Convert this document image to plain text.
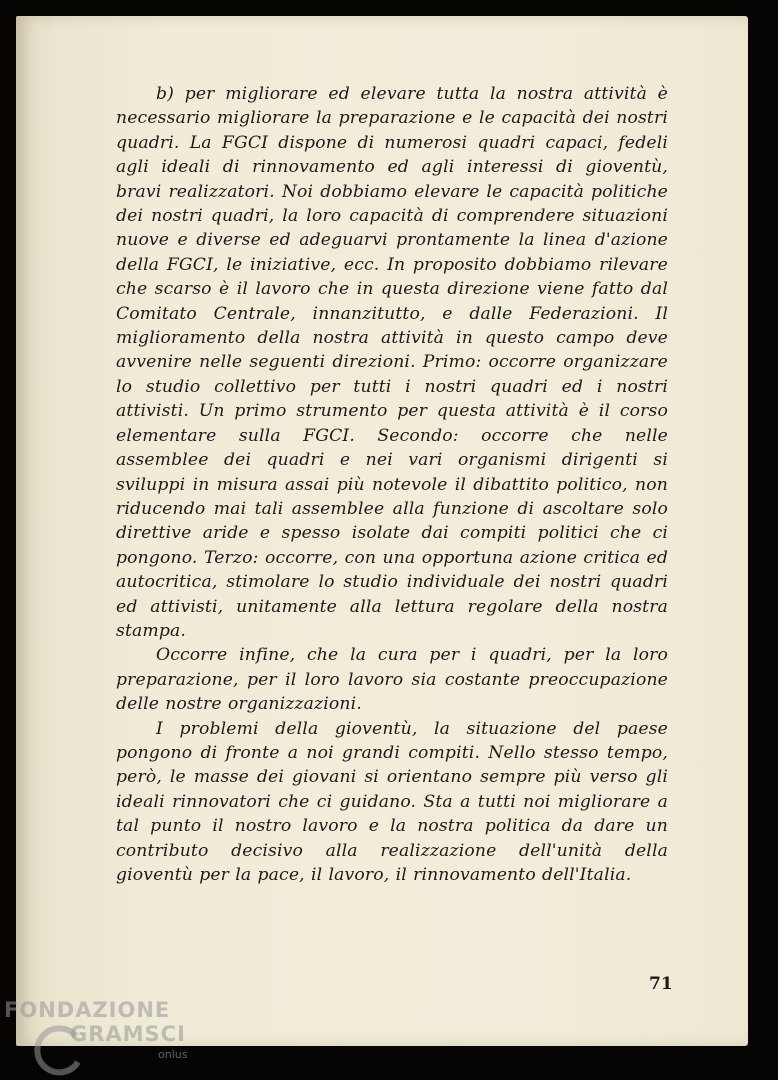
b) per migliorare ed elevare tutta la nostra attività è necessario migliorare la preparazione e le capacità dei nostri quadri. La FGCI dispone di numerosi quadri capaci, fedeli agli ideali di rinnovamento ed agli interessi di gioventù, bravi realizzatori. Noi dobbiamo elevare le capacità politiche dei nostri quadri, la loro capacità di comprendere situazioni nuove e diverse ed adeguarvi prontamente la linea d'azione della FGCI, le iniziative, ecc. In proposito dobbiamo rilevare che scarso è il lavoro che in questa direzione viene fatto dal Comitato Centrale, innanzitutto, e dalle Federazioni. Il miglioramento della nostra attività in questo campo deve avvenire nelle seguenti direzioni. Primo: occorre organizzare lo studio collettivo per tutti i nostri quadri ed i nostri attivisti. Un primo strumento per questa attività è il corso elementare sulla FGCI. Secondo: occorre che nelle assemblee dei quadri e nei vari organismi dirigenti si sviluppi in misura assai più notevole il dibattito politico, non riducendo mai tali assemblee alla funzione di ascoltare solo direttive aride e spesso isolate dai compiti politici che ci pongono. Terzo: occorre, con una opportuna azione critica ed autocritica, stimolare lo studio individuale dei nostri quadri ed attivisti, unitamente alla lettura regolare della nostra stampa.

Occorre infine, che la cura per i quadri, per la loro preparazione, per il loro lavoro sia costante preoccupazione delle nostre organizzazioni.

I problemi della gioventù, la situazione del paese pongono di fronte a noi grandi compiti. Nello stesso tempo, però, le masse dei giovani si orientano sempre più verso gli ideali rinnovatori che ci guidano. Sta a tutti noi migliorare a tal punto il nostro lavoro e la nostra politica da dare un contributo decisivo alla realizzazione dell'unità della gioventù per la pace, il lavoro, il rinnovamento dell'Italia.

71
FONDAZIONE
GRAMSCI
onlus
